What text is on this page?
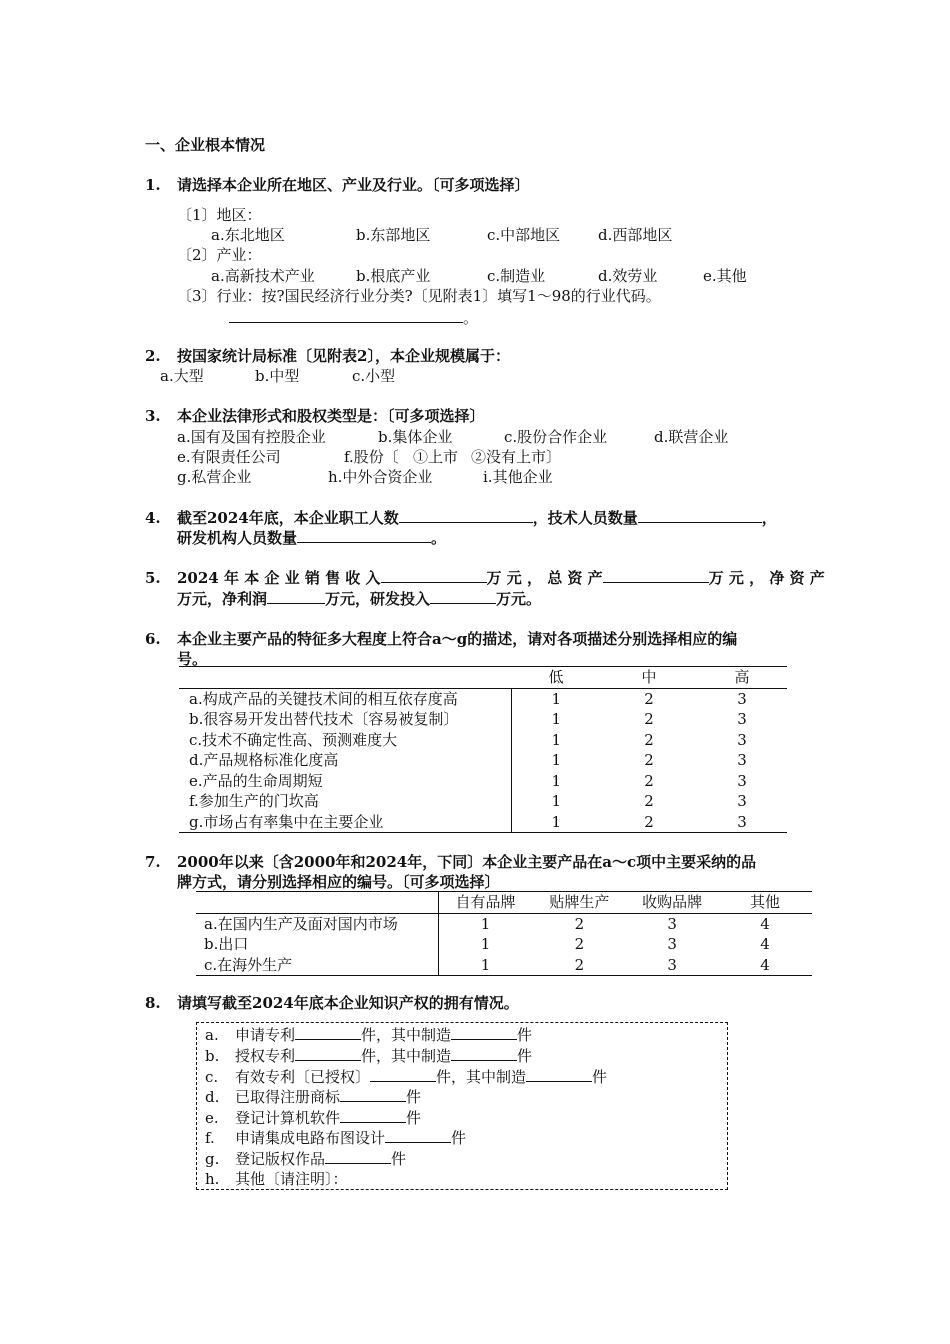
一、企业根本情况
1. 请选择本企业所在地区、产业及行业。〔可多项选择〕
〔1〕地区：
a.东北地区	b.东部地区	c.中部地区	d.西部地区
〔2〕产业：
a.高新技术产业	b.根底产业	c.制造业	d.效劳业	e.其他
〔3〕行业：按?国民经济行业分类?〔见附表1〕填写1～98的行业代码。
。
2. 按国家统计局标准〔见附表2〕，本企业规模属于：
a.大型	b.中型	c.小型
3. 本企业法律形式和股权类型是：〔可多项选择〕
a.国有及国有控股企业	b.集体企业	c.股份合作企业	d.联营企业
e.有限责任公司	f.股份〔 ①上市 ②没有上市〕
g.私营企业	h.中外合资企业	i.其他企业
4. 截至2024年底，本企业职工人数	，技术人员数量	，
研发机构人员数量	。
5. 2024 年 本 企 业 销 售 收 入	万 元 ， 总 资 产	万 元 ， 净 资 产
万元，净利润	万元，研发投入	万元。
6. 本企业主要产品的特征多大程度上符合a～g的描述，请对各项描述分别选择相应的编
号。
	低	中	高
a.构成产品的关键技术间的相互依存度高	1	2	3
b.很容易开发出替代技术〔容易被复制〕	1	2	3
c.技术不确定性高、预测难度大	1	2	3
d.产品规格标准化度高	1	2	3
e.产品的生命周期短	1	2	3
f.参加生产的门坎高	1	2	3
g.市场占有率集中在主要企业	1	2	3
7. 2000年以来〔含2000年和2024年，下同〕本企业主要产品在a～c项中主要采纳的品
牌方式，请分别选择相应的编号。〔可多项选择〕
	自有品牌	贴牌生产	收购品牌	其他
a.在国内生产及面对国内市场	1	2	3	4
b.出口	1	2	3	4
c.在海外生产	1	2	3	4
8. 请填写截至2024年底本企业知识产权的拥有情况。
a. 申请专利	件，其中制造	件
b. 授权专利	件，其中制造	件
c. 有效专利〔已授权〕	件，其中制造	件
d. 已取得注册商标	件
e. 登记计算机软件	件
f. 申请集成电路布图设计	件
g. 登记版权作品	件
h. 其他〔请注明〕：
